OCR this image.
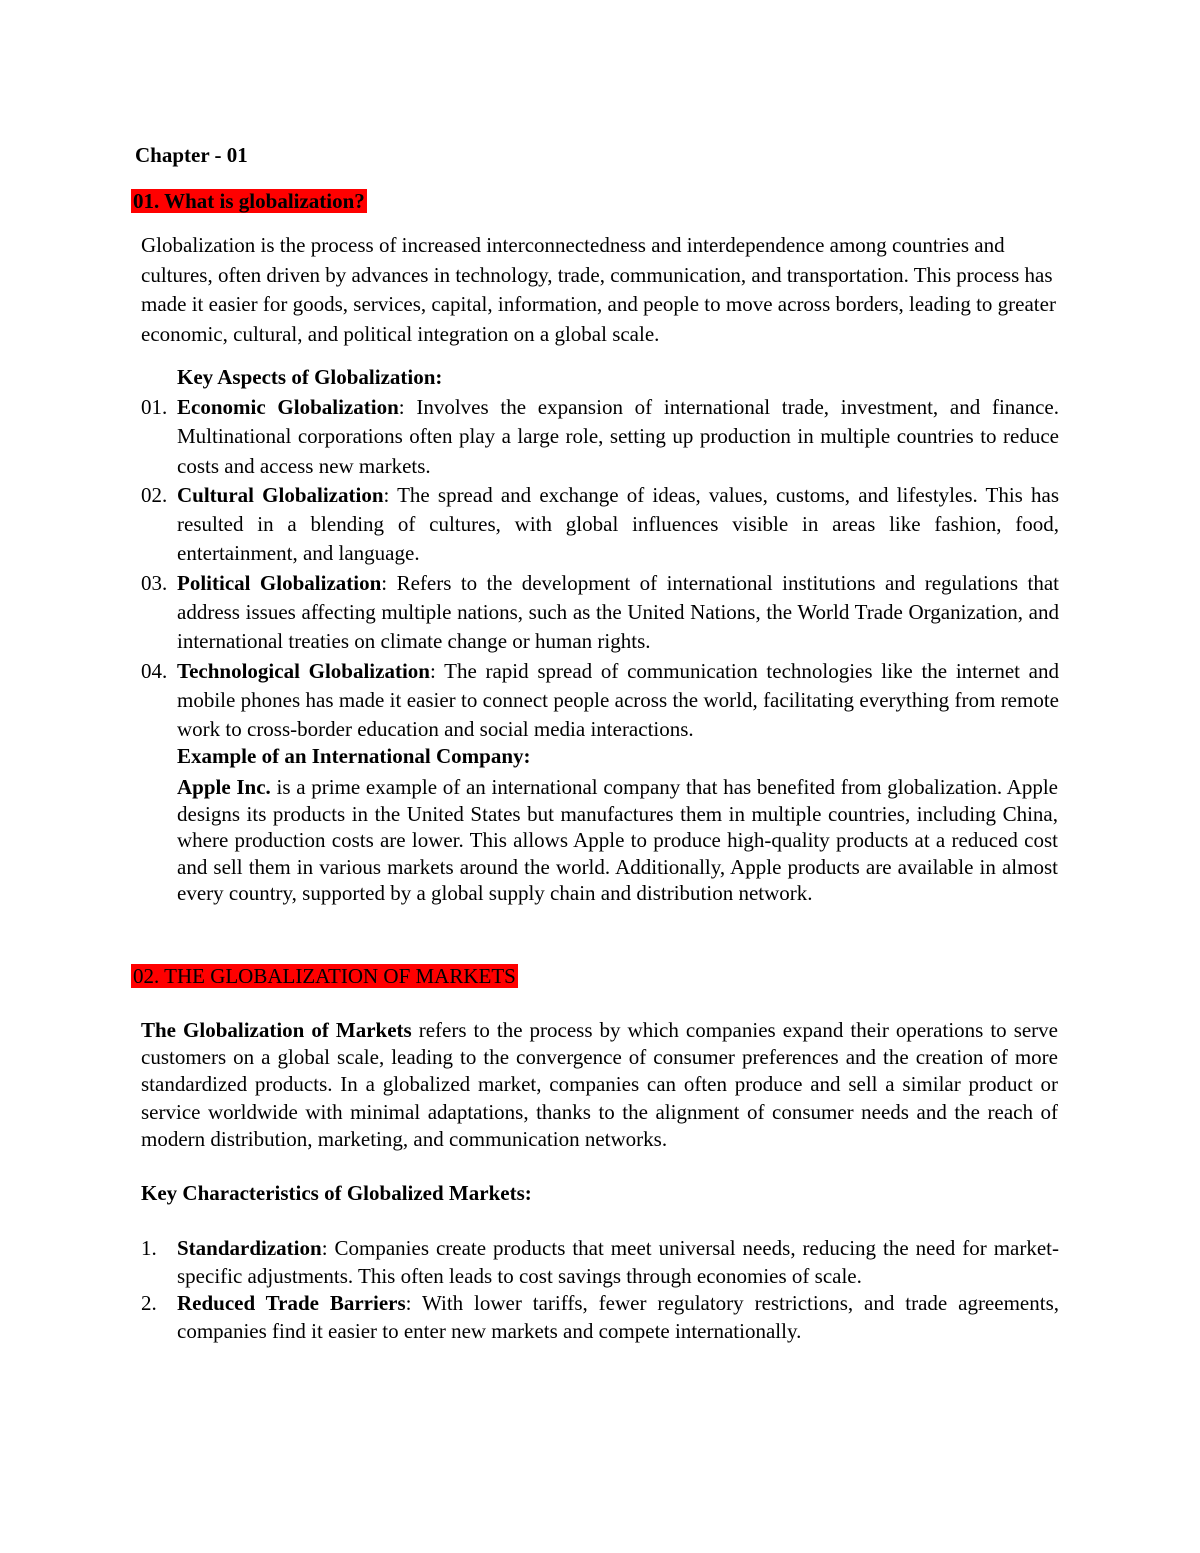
Chapter - 01
01. What is globalization?

Globalization is the process of increased interconnectedness and interdependence among countries and cultures, often driven by advances in technology, trade, communication, and transportation. This process has made it easier for goods, services, capital, information, and people to move across borders, leading to greater economic, cultural, and political integration on a global scale.

Key Aspects of Globalization:
01. Economic Globalization: Involves the expansion of international trade, investment, and finance. Multinational corporations often play a large role, setting up production in multiple countries to reduce costs and access new markets.
02. Cultural Globalization: The spread and exchange of ideas, values, customs, and lifestyles. This has resulted in a blending of cultures, with global influences visible in areas like fashion, food, entertainment, and language.
03. Political Globalization: Refers to the development of international institutions and regulations that address issues affecting multiple nations, such as the United Nations, the World Trade Organization, and international treaties on climate change or human rights.
04. Technological Globalization: The rapid spread of communication technologies like the internet and mobile phones has made it easier to connect people across the world, facilitating everything from remote work to cross-border education and social media interactions.
Example of an International Company:

Apple Inc. is a prime example of an international company that has benefited from globalization. Apple designs its products in the United States but manufactures them in multiple countries, including China, where production costs are lower. This allows Apple to produce high-quality products at a reduced cost and sell them in various markets around the world. Additionally, Apple products are available in almost every country, supported by a global supply chain and distribution network.

02. THE GLOBALIZATION OF MARKETS

The Globalization of Markets refers to the process by which companies expand their operations to serve customers on a global scale, leading to the convergence of consumer preferences and the creation of more standardized products. In a globalized market, companies can often produce and sell a similar product or service worldwide with minimal adaptations, thanks to the alignment of consumer needs and the reach of modern distribution, marketing, and communication networks.

Key Characteristics of Globalized Markets:
1. Standardization: Companies create products that meet universal needs, reducing the need for market-specific adjustments. This often leads to cost savings through economies of scale.
2. Reduced Trade Barriers: With lower tariffs, fewer regulatory restrictions, and trade agreements, companies find it easier to enter new markets and compete internationally.
